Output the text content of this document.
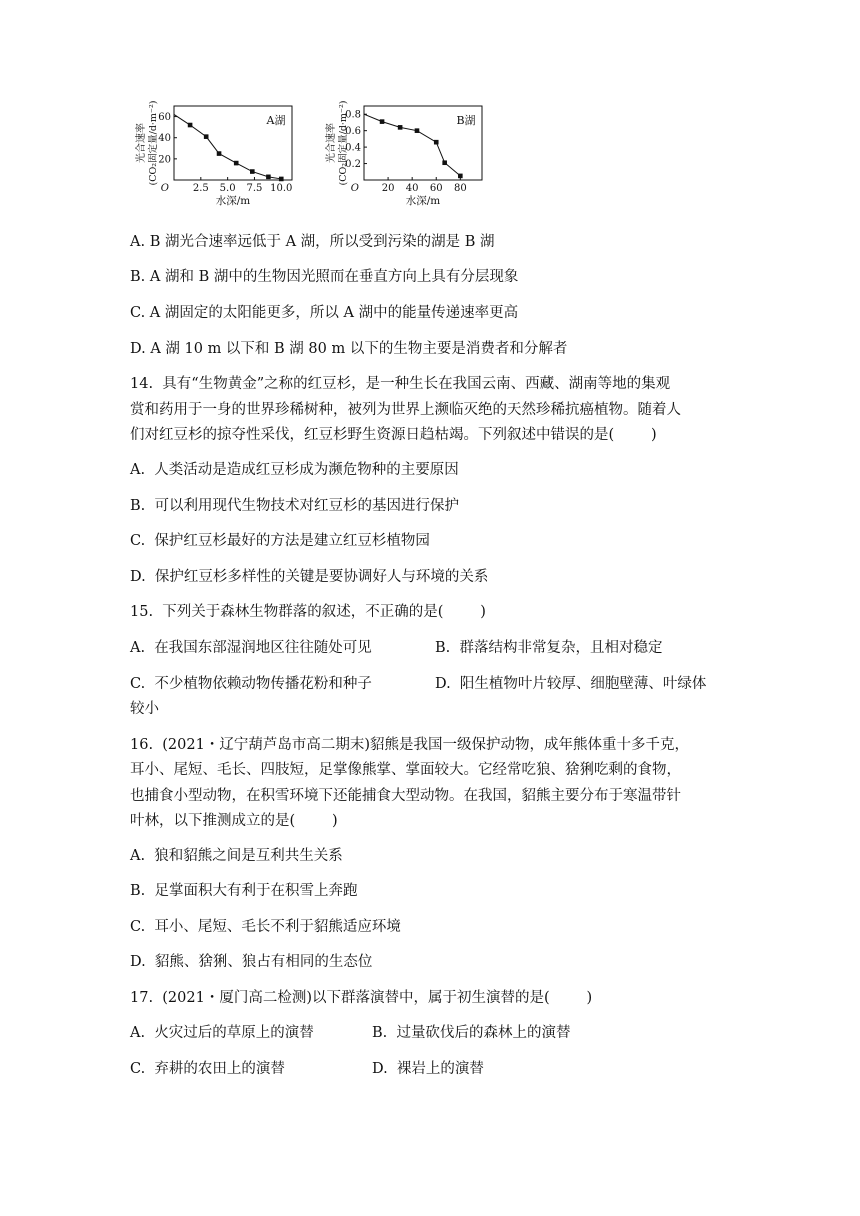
2.5 5.0 7.5 10.0
20
40
60
O
水深/m
光合速率 (CO₂固定量/d·m⁻²)	A湖
20 40 60 80
0.2
0.4
0.6
0.8
O
水深/m
光合速率 (CO₂固定量/d·m⁻²)	B湖
A. B 湖光合速率远低于 A 湖，所以受到污染的湖是 B 湖
B. A 湖和 B 湖中的生物因光照而在垂直方向上具有分层现象
C. A 湖固定的太阳能更多，所以 A 湖中的能量传递速率更高
D. A 湖 10 m 以下和 B 湖 80 m 以下的生物主要是消费者和分解者
14.  具有“生物黄金”之称的红豆杉，是一种生长在我国云南、西藏、湖南等地的集观
赏和药用于一身的世界珍稀树种，被列为世界上濒临灭绝的天然珍稀抗癌植物。随着人
们对红豆杉的掠夺性采伐，红豆杉野生资源日趋枯竭。下列叙述中错误的是(        )
A.  人类活动是造成红豆杉成为濒危物种的主要原因
B.  可以利用现代生物技术对红豆杉的基因进行保护
C.  保护红豆杉最好的方法是建立红豆杉植物园
D.  保护红豆杉多样性的关键是要协调好人与环境的关系
15.  下列关于森林生物群落的叙述，不正确的是(        )
A.  在我国东部湿润地区往往随处可见	B.  群落结构非常复杂，且相对稳定
C.  不少植物依赖动物传播花粉和种子	D.  阳生植物叶片较厚、细胞壁薄、叶绿体
较小
16.  (2021・辽宁葫芦岛市高二期末)貂熊是我国一级保护动物，成年熊体重十多千克，
耳小、尾短、毛长、四肢短，足掌像熊掌、掌面较大。它经常吃狼、猞猁吃剩的食物，
也捕食小型动物，在积雪环境下还能捕食大型动物。在我国，貂熊主要分布于寒温带针
叶林，以下推测成立的是(        )
A.  狼和貂熊之间是互利共生关系
B.  足掌面积大有利于在积雪上奔跑
C.  耳小、尾短、毛长不利于貂熊适应环境
D.  貂熊、猞猁、狼占有相同的生态位
17.  (2021・厦门高二检测)以下群落演替中，属于初生演替的是(        )
A.  火灾过后的草原上的演替	B.  过量砍伐后的森林上的演替
C.  弃耕的农田上的演替	D.  裸岩上的演替
